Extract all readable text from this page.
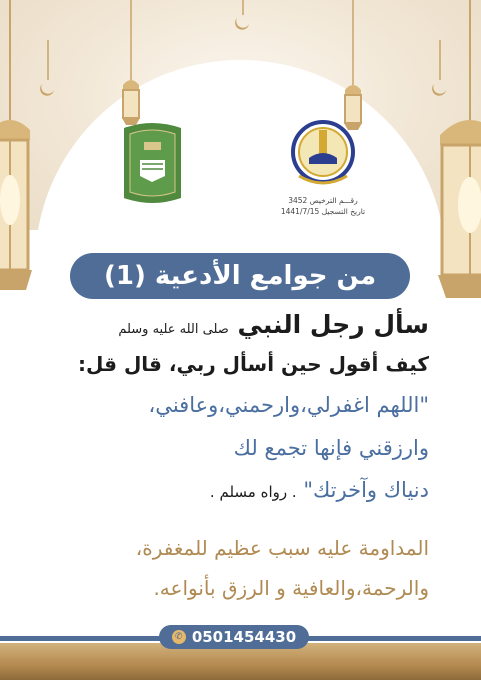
رقـــم الترخيص 3452
تاريخ التسجيل 1441/7/15
من جوامع الأدعية (1)
سأل رجل النبي صلى الله عليه وسلم
كيف أقول حين أسأل ربي، قال قل:
"اللهم اغفرلي،وارحمني،وعافني،
وارزقني فإنها تجمع لك
دنياك وآخرتك" . رواه مسلم .
المداومة عليه سبب عظيم للمغفرة،
والرحمة،والعافية و الرزق بأنواعه.
✆ 0501454430
